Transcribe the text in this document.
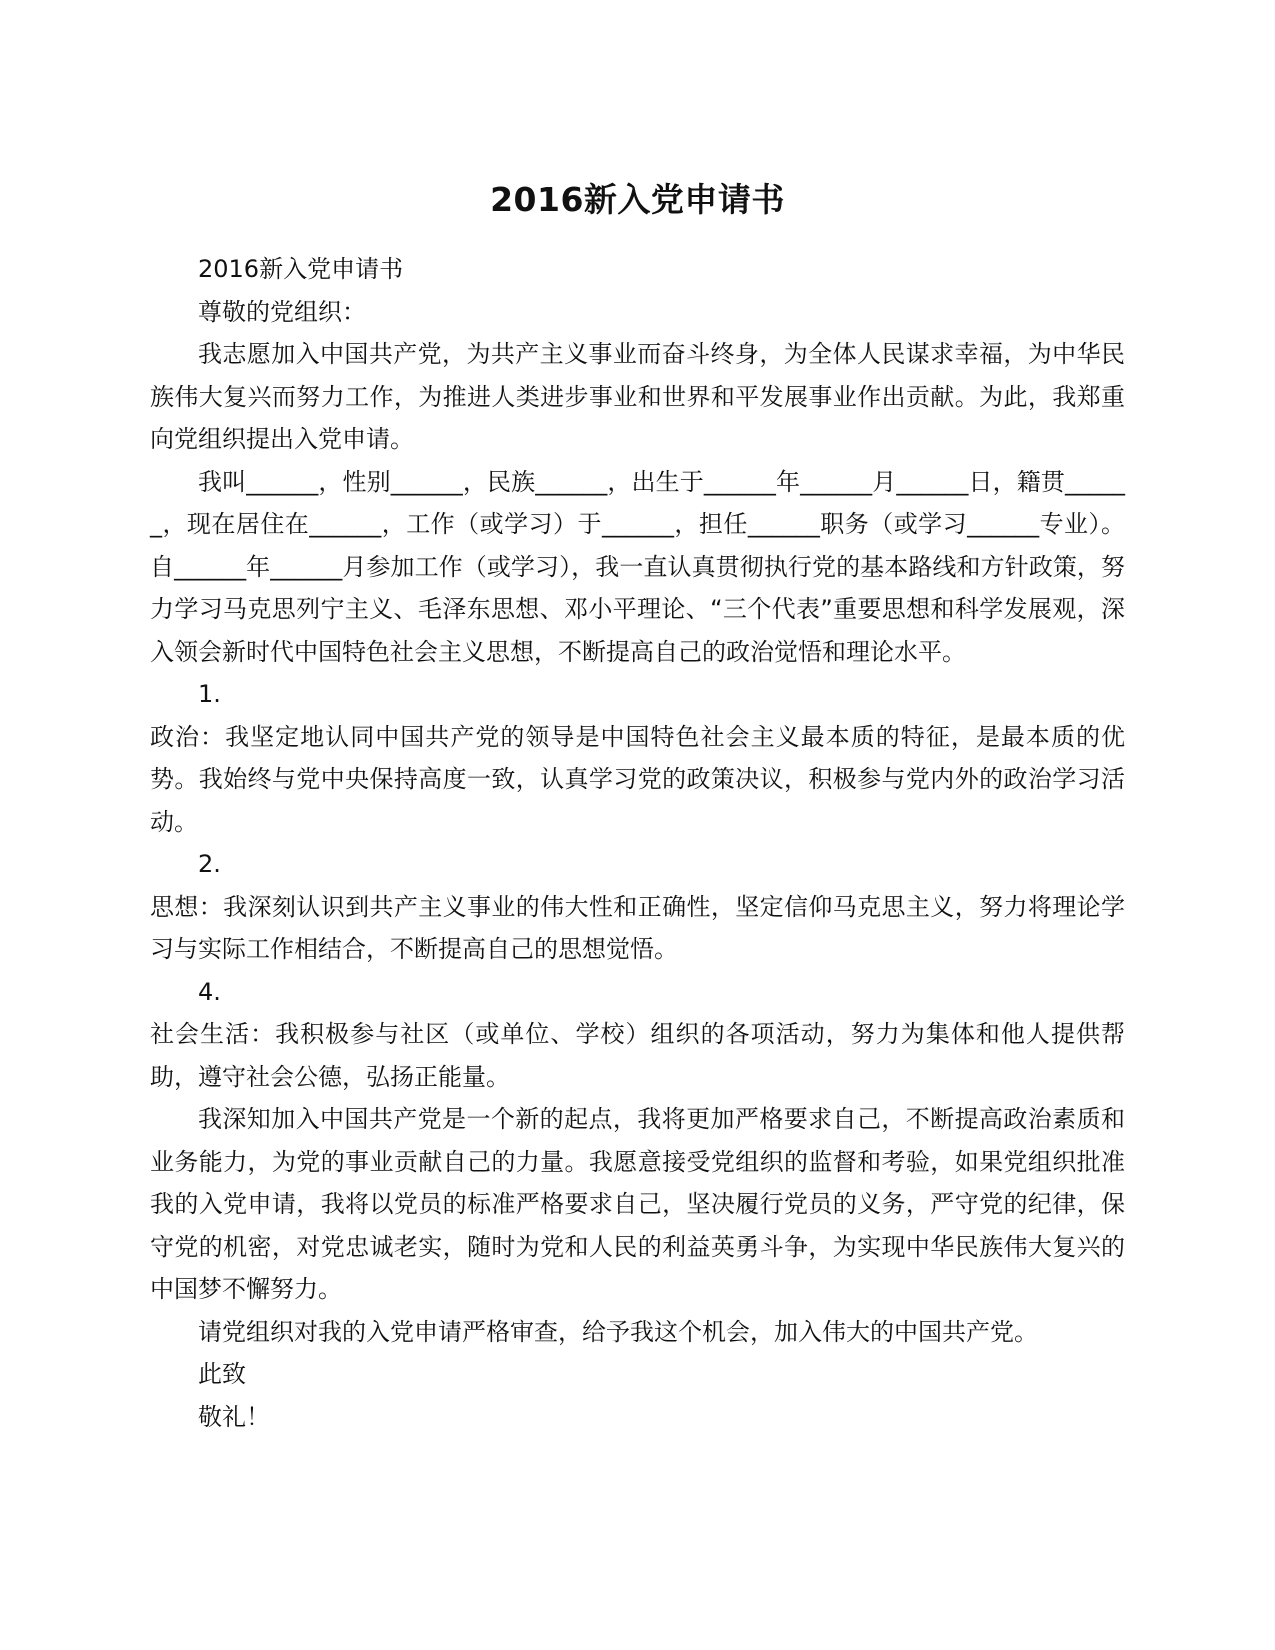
2016新入党申请书

2016新入党申请书

尊敬的党组织：

我志愿加入中国共产党，为共产主义事业而奋斗终身，为全体人民谋求幸福，为中华民族伟大复兴而努力工作，为推进人类进步事业和世界和平发展事业作出贡献。为此，我郑重向党组织提出入党申请。

我叫______，性别______，民族______，出生于______年______月______日，籍贯______，现在居住在______，工作（或学习）于______，担任______职务（或学习______专业）。自______年______月参加工作（或学习），我一直认真贯彻执行党的基本路线和方针政策，努力学习马克思列宁主义、毛泽东思想、邓小平理论、“三个代表”重要思想和科学发展观，深入领会新时代中国特色社会主义思想，不断提高自己的政治觉悟和理论水平。

1.

政治：我坚定地认同中国共产党的领导是中国特色社会主义最本质的特征，是最本质的优势。我始终与党中央保持高度一致，认真学习党的政策决议，积极参与党内外的政治学习活动。

2.

思想：我深刻认识到共产主义事业的伟大性和正确性，坚定信仰马克思主义，努力将理论学习与实际工作相结合，不断提高自己的思想觉悟。

4.

社会生活：我积极参与社区（或单位、学校）组织的各项活动，努力为集体和他人提供帮助，遵守社会公德，弘扬正能量。

我深知加入中国共产党是一个新的起点，我将更加严格要求自己，不断提高政治素质和业务能力，为党的事业贡献自己的力量。我愿意接受党组织的监督和考验，如果党组织批准我的入党申请，我将以党员的标准严格要求自己，坚决履行党员的义务，严守党的纪律，保守党的机密，对党忠诚老实，随时为党和人民的利益英勇斗争，为实现中华民族伟大复兴的中国梦不懈努力。

请党组织对我的入党申请严格审查，给予我这个机会，加入伟大的中国共产党。

此致

敬礼！
